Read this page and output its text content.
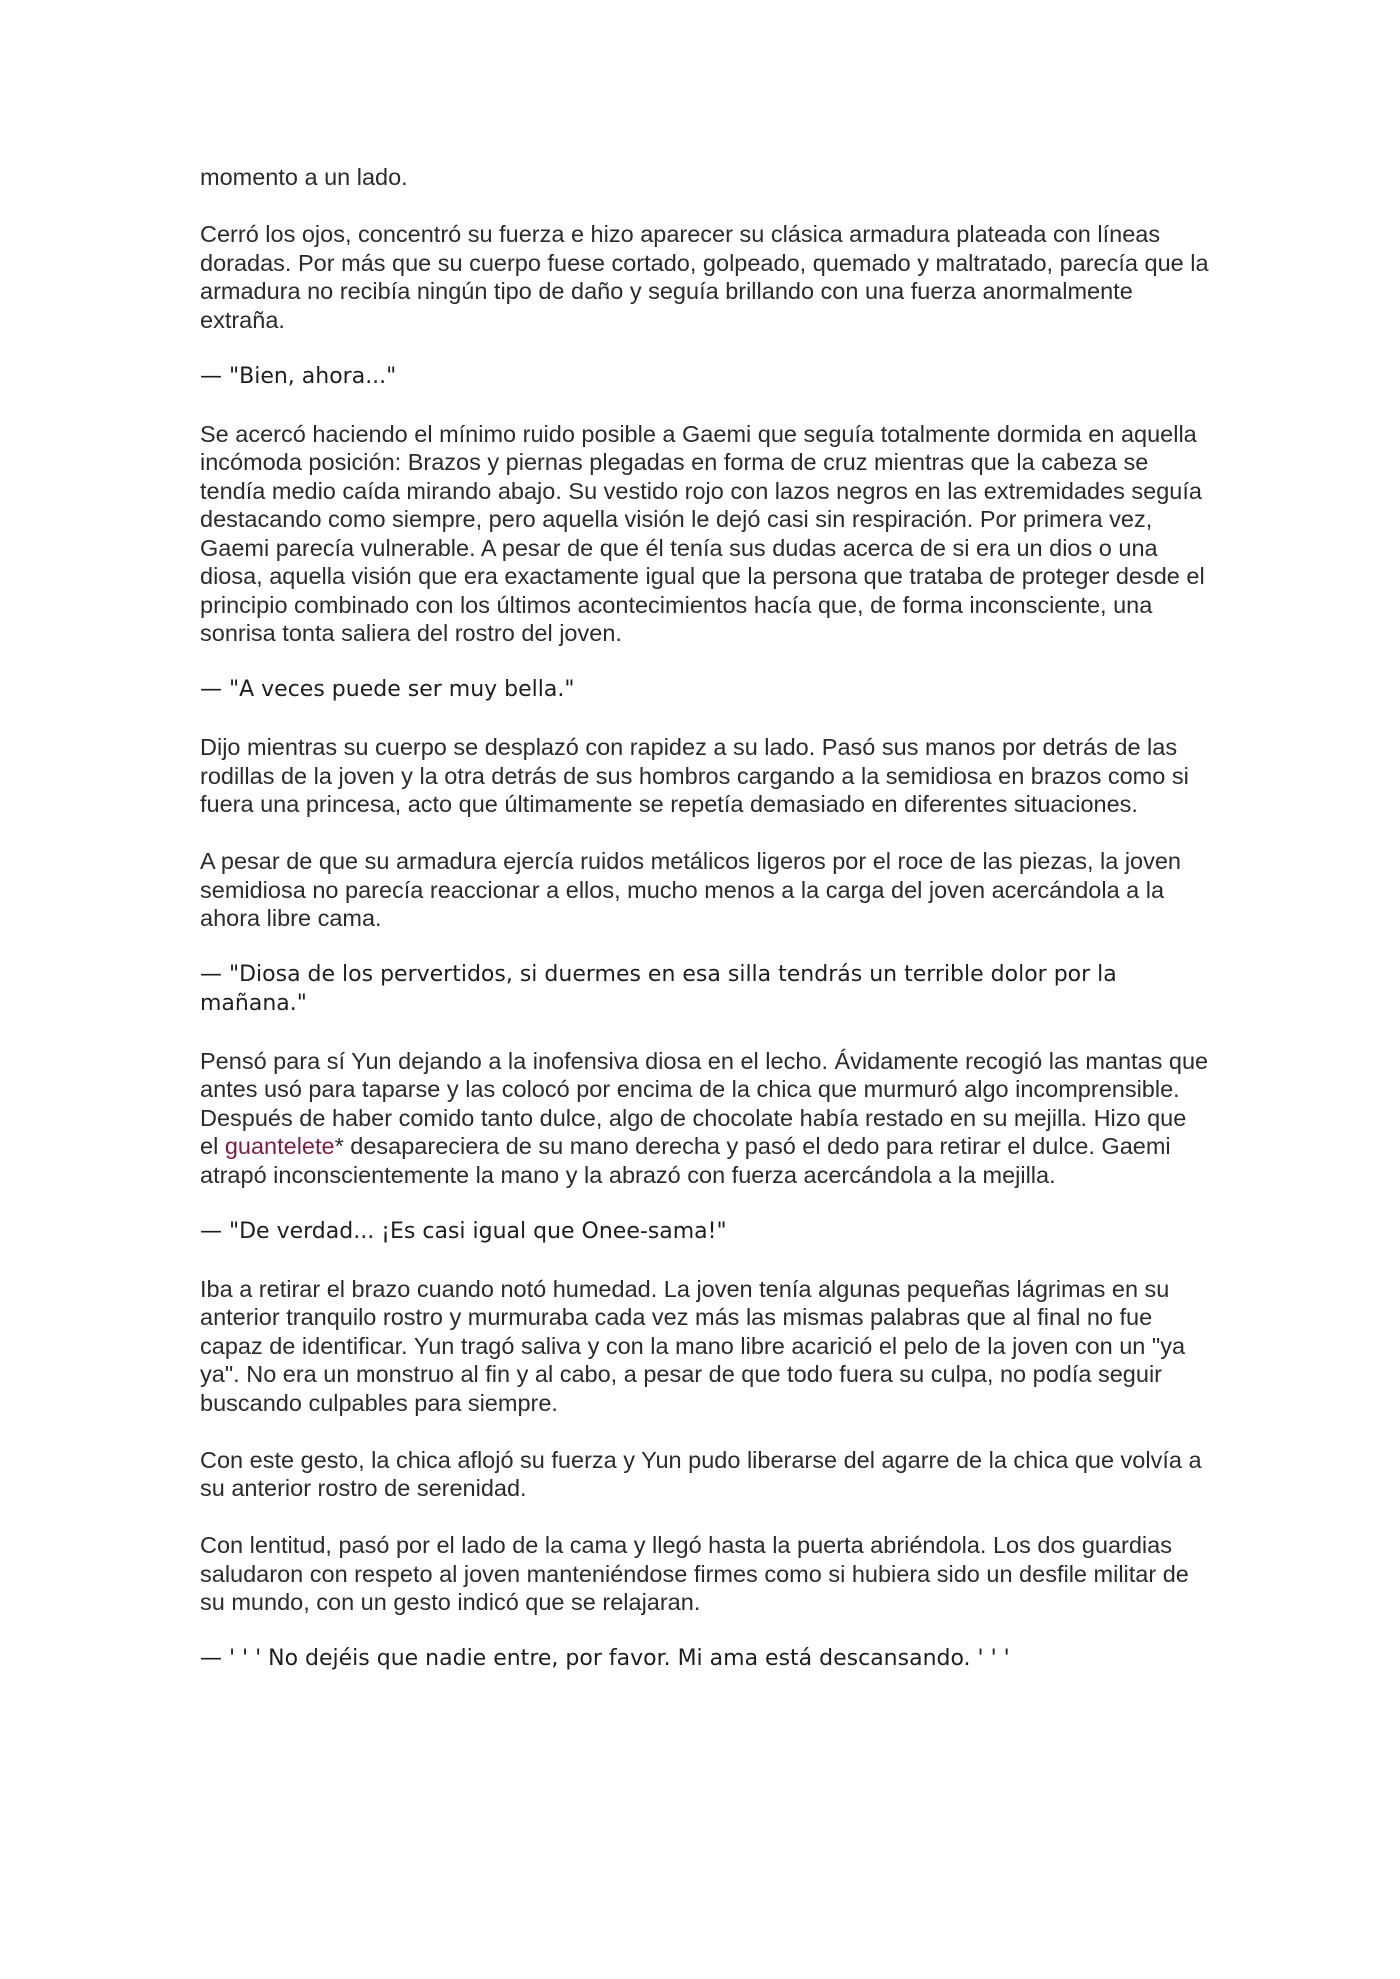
momento a un lado.

Cerró los ojos, concentró su fuerza e hizo aparecer su clásica armadura plateada con líneas doradas. Por más que su cuerpo fuese cortado, golpeado, quemado y maltratado, parecía que la armadura no recibía ningún tipo de daño y seguía brillando con una fuerza anormalmente extraña.

— "Bien, ahora..."

Se acercó haciendo el mínimo ruido posible a Gaemi que seguía totalmente dormida en aquella incómoda posición: Brazos y piernas plegadas en forma de cruz mientras que la cabeza se tendía medio caída mirando abajo. Su vestido rojo con lazos negros en las extremidades seguía destacando como siempre, pero aquella visión le dejó casi sin respiración. Por primera vez, Gaemi parecía vulnerable. A pesar de que él tenía sus dudas acerca de si era un dios o una diosa, aquella visión que era exactamente igual que la persona que trataba de proteger desde el principio combinado con los últimos acontecimientos hacía que, de forma inconsciente, una sonrisa tonta saliera del rostro del joven.

— "A veces puede ser muy bella."

Dijo mientras su cuerpo se desplazó con rapidez a su lado. Pasó sus manos por detrás de las rodillas de la joven y la otra detrás de sus hombros cargando a la semidiosa en brazos como si fuera una princesa, acto que últimamente se repetía demasiado en diferentes situaciones.

A pesar de que su armadura ejercía ruidos metálicos ligeros por el roce de las piezas, la joven semidiosa no parecía reaccionar a ellos, mucho menos a la carga del joven acercándola a la ahora libre cama.

— "Diosa de los pervertidos, si duermes en esa silla tendrás un terrible dolor por la mañana."

Pensó para sí Yun dejando a la inofensiva diosa en el lecho. Ávidamente recogió las mantas que antes usó para taparse y las colocó por encima de la chica que murmuró algo incomprensible. Después de haber comido tanto dulce, algo de chocolate había restado en su mejilla. Hizo que el guantelete* desapareciera de su mano derecha y pasó el dedo para retirar el dulce. Gaemi atrapó inconscientemente la mano y la abrazó con fuerza acercándola a la mejilla.

— "De verdad... ¡Es casi igual que Onee-sama!"

Iba a retirar el brazo cuando notó humedad. La joven tenía algunas pequeñas lágrimas en su anterior tranquilo rostro y murmuraba cada vez más las mismas palabras que al final no fue capaz de identificar. Yun tragó saliva y con la mano libre acarició el pelo de la joven con un "ya ya". No era un monstruo al fin y al cabo, a pesar de que todo fuera su culpa, no podía seguir buscando culpables para siempre.

Con este gesto, la chica aflojó su fuerza y Yun pudo liberarse del agarre de la chica que volvía a su anterior rostro de serenidad.

Con lentitud, pasó por el lado de la cama y llegó hasta la puerta abriéndola. Los dos guardias saludaron con respeto al joven manteniéndose firmes como si hubiera sido un desfile militar de su mundo, con un gesto indicó que se relajaran.

— ' ' ' No dejéis que nadie entre, por favor. Mi ama está descansando. ' ' '
